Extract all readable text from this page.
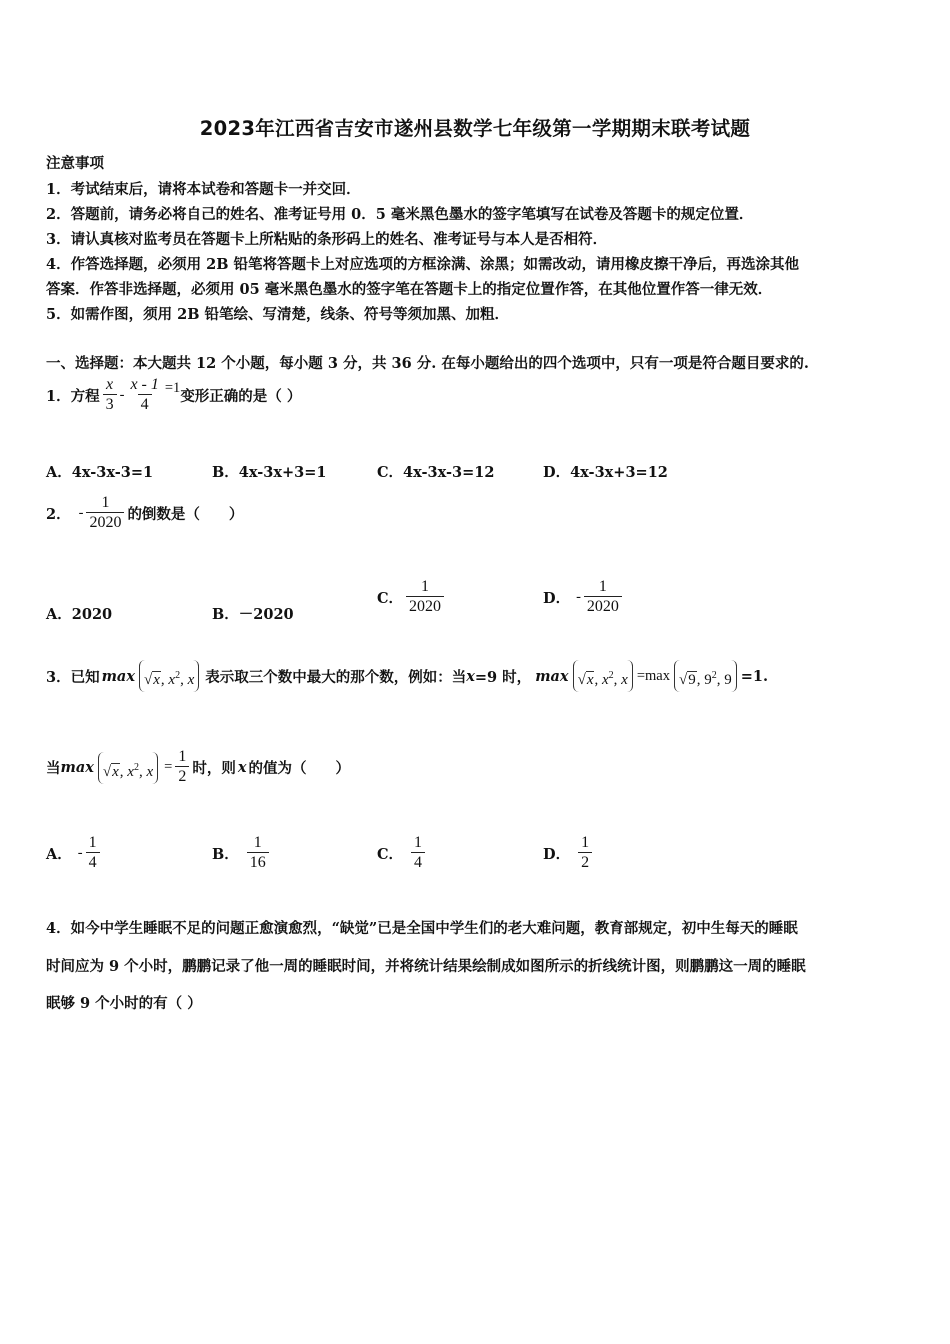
2023年江西省吉安市遂州县数学七年级第一学期期末联考试题
注意事项
1．考试结束后，请将本试卷和答题卡一并交回．
2．答题前，请务必将自己的姓名、准考证号用 0．5 毫米黑色墨水的签字笔填写在试卷及答题卡的规定位置．
3．请认真核对监考员在答题卡上所粘贴的条形码上的姓名、准考证号与本人是否相符．
4．作答选择题，必须用 2B 铅笔将答题卡上对应选项的方框涂满、涂黑；如需改动，请用橡皮擦干净后，再选涂其他
答案．作答非选择题，必须用 05 毫米黑色墨水的签字笔在答题卡上的指定位置作答，在其他位置作答一律无效．
5．如需作图，须用 2B 铅笔绘、写清楚，线条、符号等须加黑、加粗．
一、选择题：本大题共 12 个小题，每小题 3 分，共 36 分. 在每小题给出的四个选项中，只有一项是符合题目要求的.
1．方程 $\frac{x}{3} - \frac{x - 1}{4} =1$ 变形正确的是（ ）
A．4x-3x-3=1	B．4x-3x+3=1	C．4x-3x-3=12	D．4x-3x+3=12
2． - $\frac{1}{2020}$ 的倒数是（　　）
A．2020	B．－2020
C． $\frac{1}{2020}$	D． - $\frac{1}{2020}$
3．已知 max √x, $x^2$, x 表示取三个数中最大的那个数，例如：当 x =9 时， max √x, $x^2$, x =max √9, $9^2$, 9 =1.
当 max √x, $x^2$, $x = \frac{1}{2}$ 时，则 x 的值为（　　）
A． - $\frac{1}{4}$	B． $\frac{1}{16}$	C． $\frac{1}{4}$	D． $\frac{1}{2}$
4．如今中学生睡眠不足的问题正愈演愈烈，“缺觉”已是全国中学生们的老大难问题，教育部规定，初中生每天的睡眠
时间应为 9 个小时，鹏鹏记录了他一周的睡眠时间，并将统计结果绘制成如图所示的折线统计图，则鹏鹏这一周的睡眠
眠够 9 个小时的有（ ）
